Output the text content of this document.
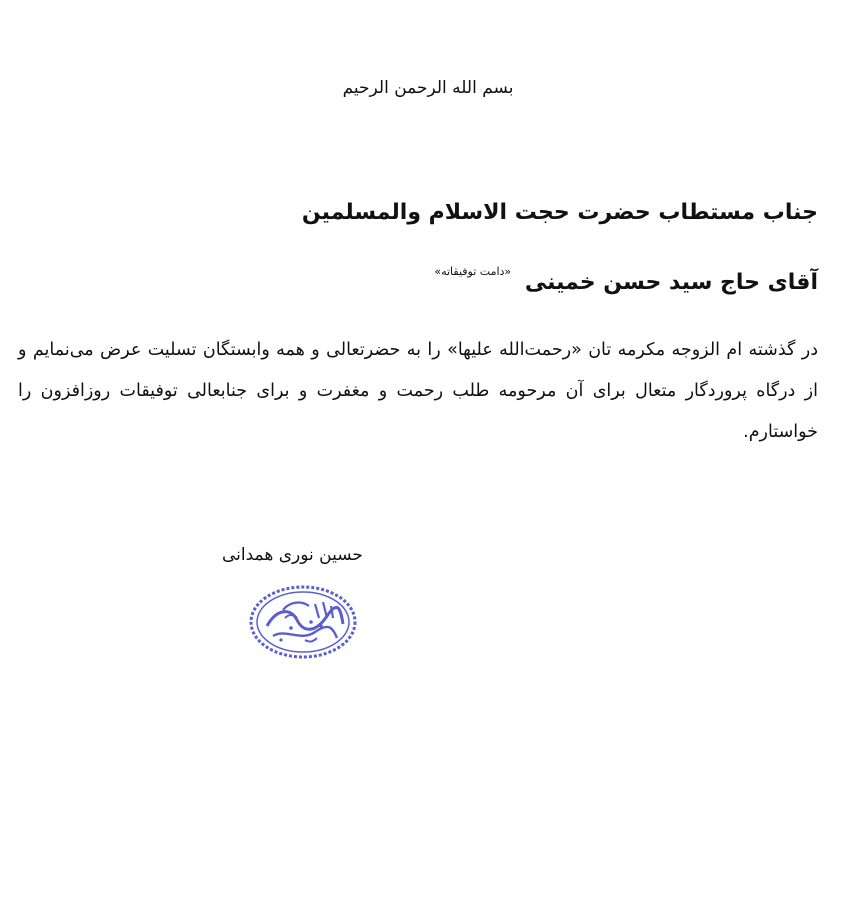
بسم الله الرحمن الرحیم
جناب مستطاب حضرت حجت الاسلام والمسلمین
آقای حاج سید حسن خمینی $^{«دامت توفیقاته»}$
در گذشته ام الزوجه مکرمه تان «رحمت‌الله علیها» را به حضرتعالی و همه وابستگان تسلیت عرض می‌نمایم و از درگاه پروردگار متعال برای آن مرحومه طلب رحمت و مغفرت و برای جنابعالی توفیقات روزافزون را خواستارم.
حسین نوری همدانی
